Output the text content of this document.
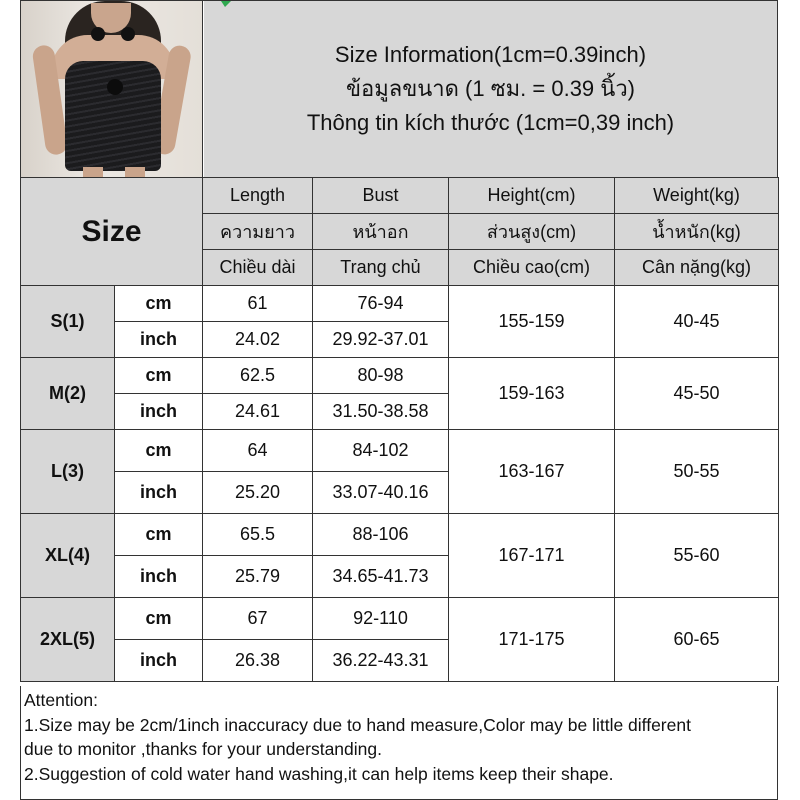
Size Information(1cm=0.39inch)
ข้อมูลขนาด (1 ซม. = 0.39 นิ้ว)
Thông tin kích thước (1cm=0,39 inch)
Size		Length	Bust	Height(cm)	Weight(kg)
		ความยาว	หน้าอก	ส่วนสูง(cm)	น้ำหนัก(kg)
		Chiều dài	Trang chủ	Chiều cao(cm)	Cân nặng(kg)
S(1)	cm	61	76-94	155-159	40-45
	inch	24.02	29.92-37.01		
M(2)	cm	62.5	80-98	159-163	45-50
	inch	24.61	31.50-38.58		
L(3)	cm	64	84-102	163-167	50-55
	inch	25.20	33.07-40.16		
XL(4)	cm	65.5	88-106	167-171	55-60
	inch	25.79	34.65-41.73		
2XL(5)	cm	67	92-110	171-175	60-65
	inch	26.38	36.22-43.31		
Attention:
1.Size may be 2cm/1inch inaccuracy due to hand measure,Color may be little different
due to monitor ,thanks for your understanding.
2.Suggestion of cold water hand washing,it can help items keep their shape.
